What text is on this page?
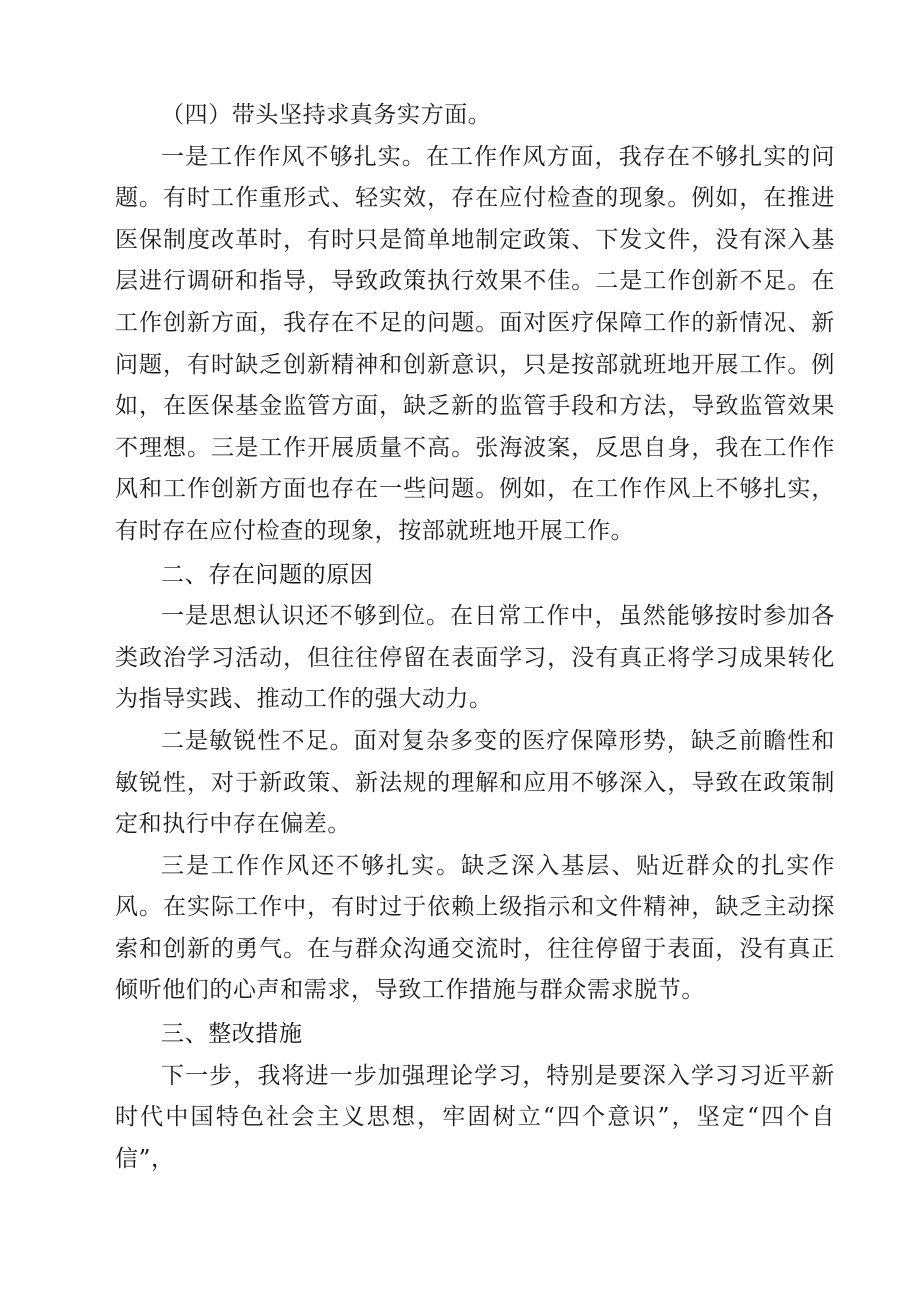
（四）带头坚持求真务实方面。

一是工作作风不够扎实。在工作作风方面，我存在不够扎实的问题。有时工作重形式、轻实效，存在应付检查的现象。例如，在推进医保制度改革时，有时只是简单地制定政策、下发文件，没有深入基层进行调研和指导，导致政策执行效果不佳。二是工作创新不足。在工作创新方面，我存在不足的问题。面对医疗保障工作的新情况、新问题，有时缺乏创新精神和创新意识，只是按部就班地开展工作。例如，在医保基金监管方面，缺乏新的监管手段和方法，导致监管效果不理想。三是工作开展质量不高。张海波案，反思自身，我在工作作风和工作创新方面也存在一些问题。例如，在工作作风上不够扎实，有时存在应付检查的现象，按部就班地开展工作。

二、存在问题的原因

一是思想认识还不够到位。在日常工作中，虽然能够按时参加各类政治学习活动，但往往停留在表面学习，没有真正将学习成果转化为指导实践、推动工作的强大动力。

二是敏锐性不足。面对复杂多变的医疗保障形势，缺乏前瞻性和敏锐性，对于新政策、新法规的理解和应用不够深入，导致在政策制定和执行中存在偏差。

三是工作作风还不够扎实。缺乏深入基层、贴近群众的扎实作风。在实际工作中，有时过于依赖上级指示和文件精神，缺乏主动探索和创新的勇气。在与群众沟通交流时，往往停留于表面，没有真正倾听他们的心声和需求，导致工作措施与群众需求脱节。

三、整改措施

下一步，我将进一步加强理论学习，特别是要深入学习习近平新时代中国特色社会主义思想，牢固树立“四个意识”，坚定“四个自信”，
